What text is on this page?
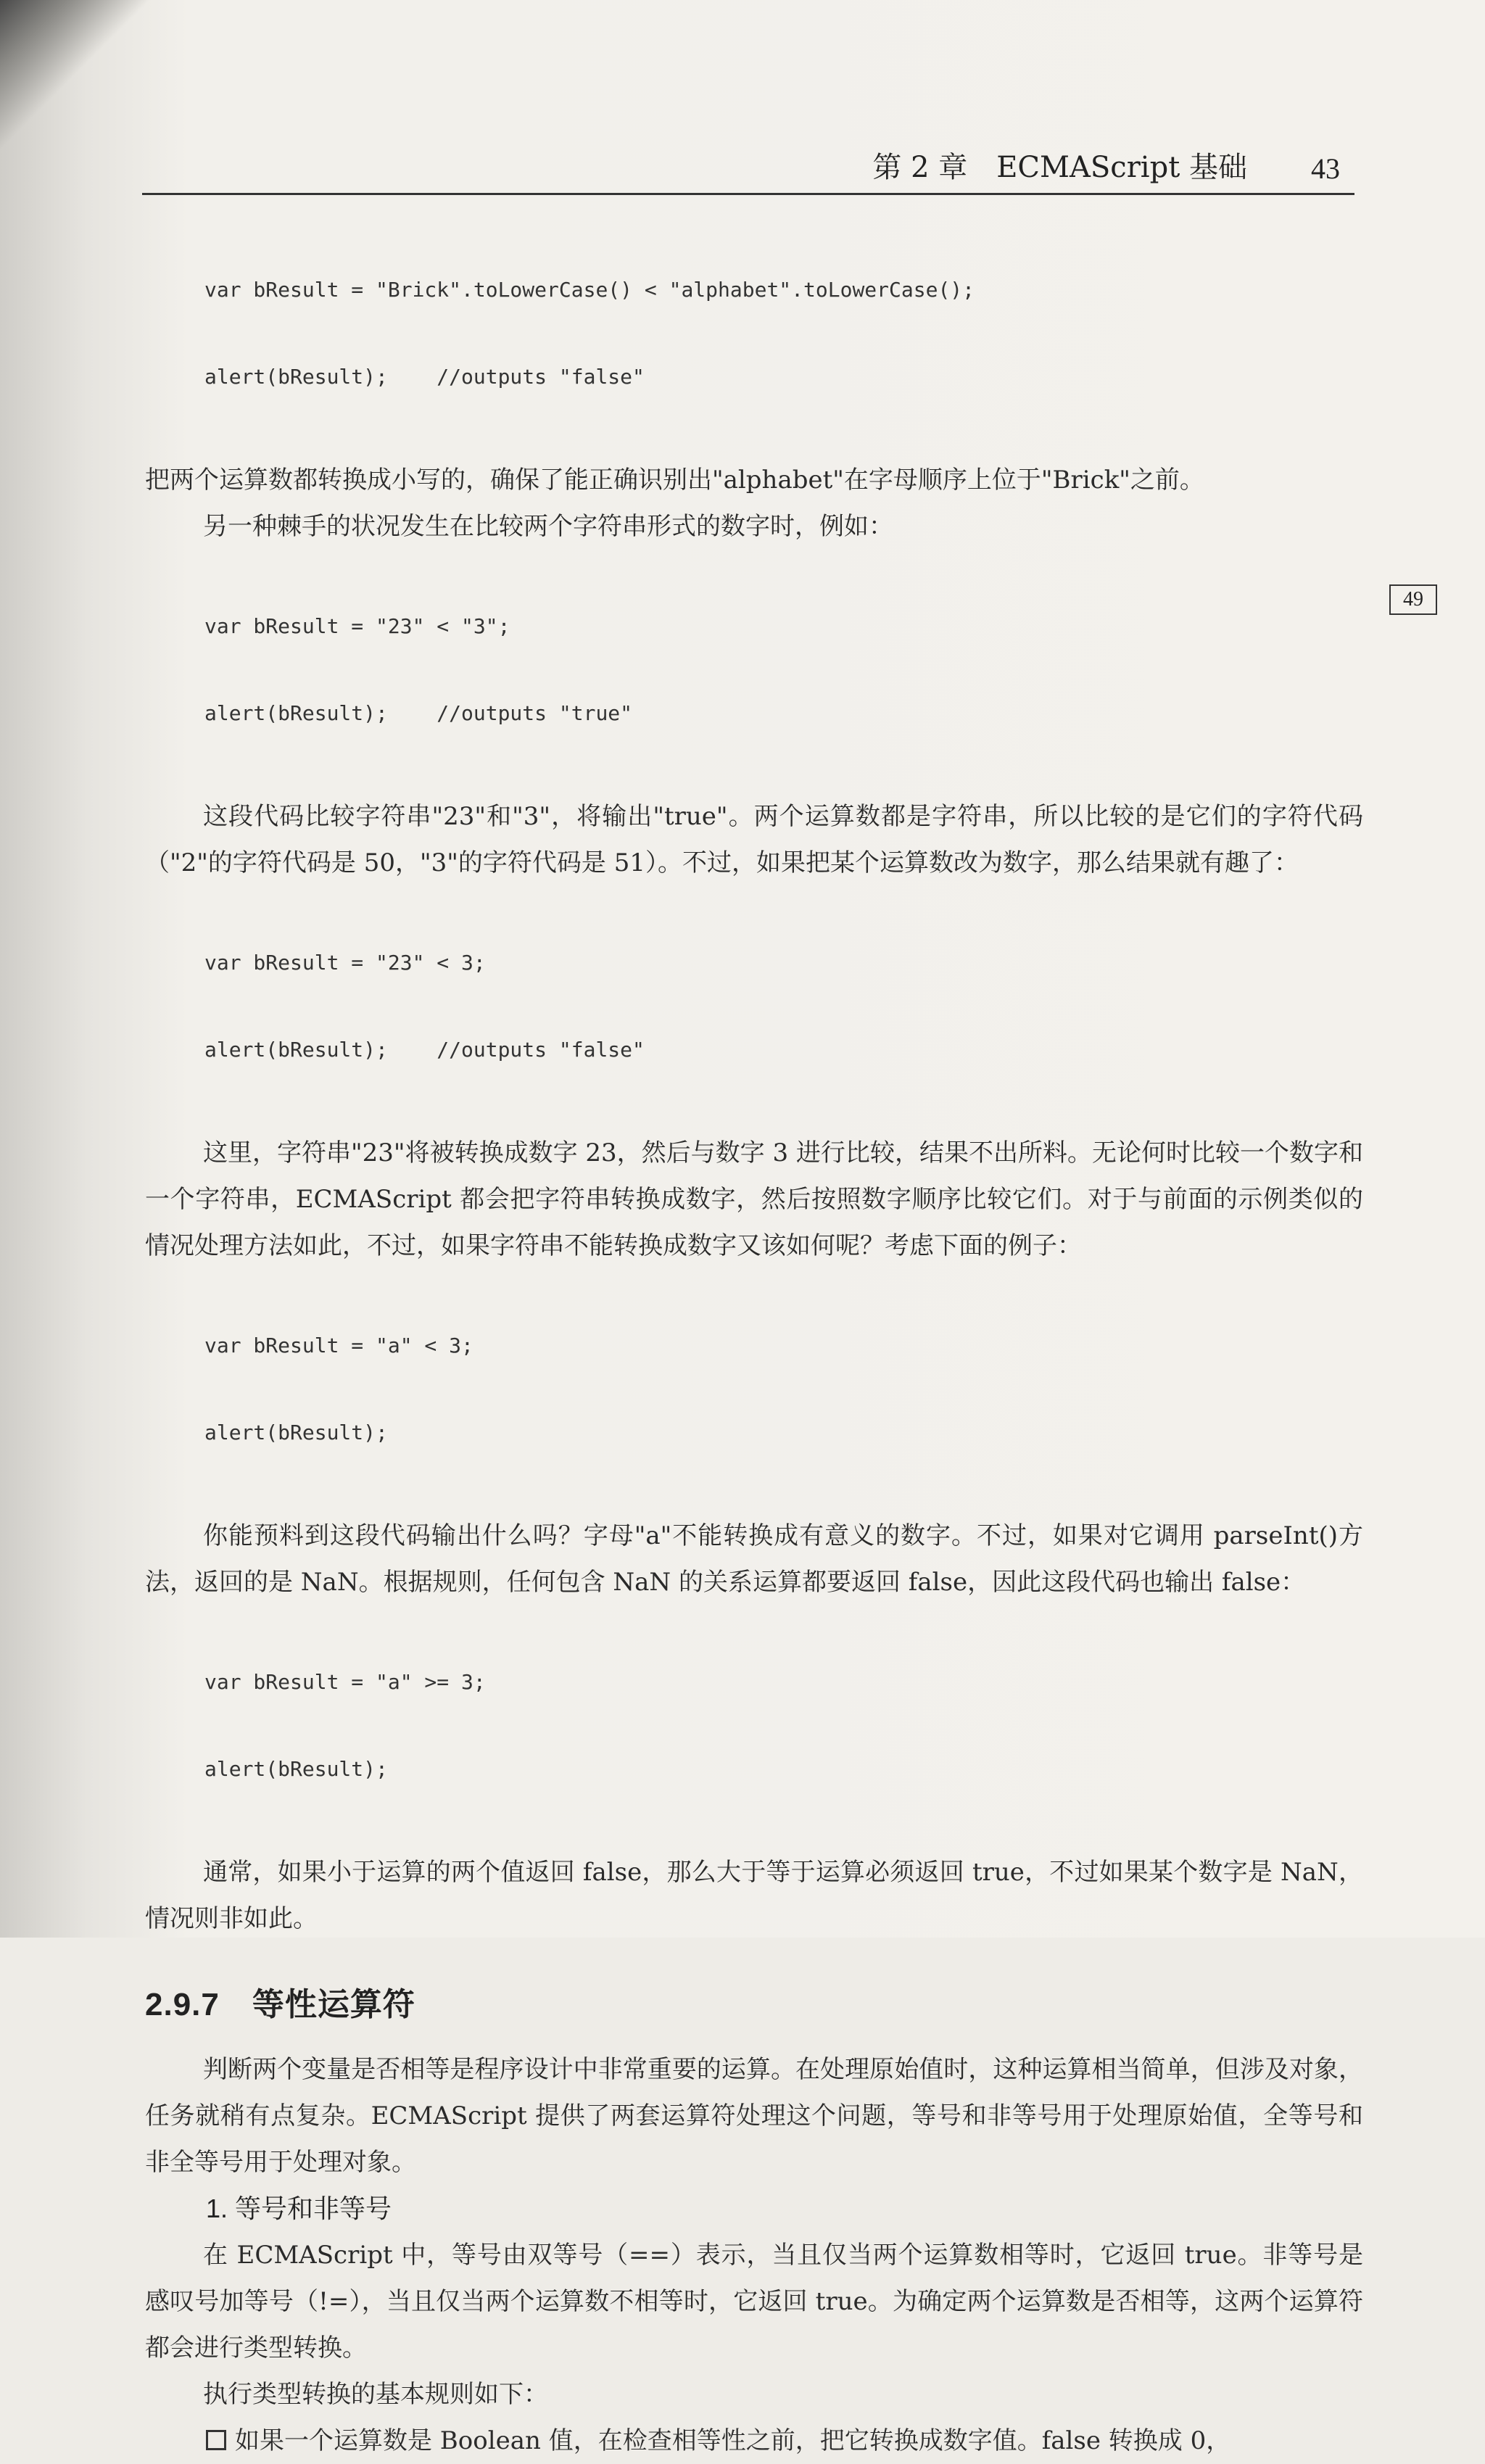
第 2 章　ECMAScript 基础 43
49

var bResult = "Brick".toLowerCase() < "alphabet".toLowerCase();

alert(bResult);    //outputs "false"

把两个运算数都转换成小写的，确保了能正确识别出"alphabet"在字母顺序上位于"Brick"之前。

另一种棘手的状况发生在比较两个字符串形式的数字时，例如：

var bResult = "23" < "3";

alert(bResult);    //outputs "true"

这段代码比较字符串"23"和"3"，将输出"true"。两个运算数都是字符串，所以比较的是它们的字符代码（"2"的字符代码是 50，"3"的字符代码是 51）。不过，如果把某个运算数改为数字，那么结果就有趣了：

var bResult = "23" < 3;

alert(bResult);    //outputs "false"

这里，字符串"23"将被转换成数字 23，然后与数字 3 进行比较，结果不出所料。无论何时比较一个数字和一个字符串，ECMAScript 都会把字符串转换成数字，然后按照数字顺序比较它们。对于与前面的示例类似的情况处理方法如此，不过，如果字符串不能转换成数字又该如何呢？考虑下面的例子：

var bResult = "a" < 3;

alert(bResult);

你能预料到这段代码输出什么吗？字母"a"不能转换成有意义的数字。不过，如果对它调用 parseInt()方法，返回的是 NaN。根据规则，任何包含 NaN 的关系运算都要返回 false，因此这段代码也输出 false：

var bResult = "a" >= 3;

alert(bResult);

通常，如果小于运算的两个值返回 false，那么大于等于运算必须返回 true，不过如果某个数字是 NaN，情况则非如此。

2.9.7　等性运算符

判断两个变量是否相等是程序设计中非常重要的运算。在处理原始值时，这种运算相当简单，但涉及对象，任务就稍有点复杂。ECMAScript 提供了两套运算符处理这个问题，等号和非等号用于处理原始值，全等号和非全等号用于处理对象。

1. 等号和非等号

在 ECMAScript 中，等号由双等号（==）表示，当且仅当两个运算数相等时，它返回 true。非等号是感叹号加等号（!=），当且仅当两个运算数不相等时，它返回 true。为确定两个运算数是否相等，这两个运算符都会进行类型转换。

执行类型转换的基本规则如下：

如果一个运算数是 Boolean 值，在检查相等性之前，把它转换成数字值。false 转换成 0，
